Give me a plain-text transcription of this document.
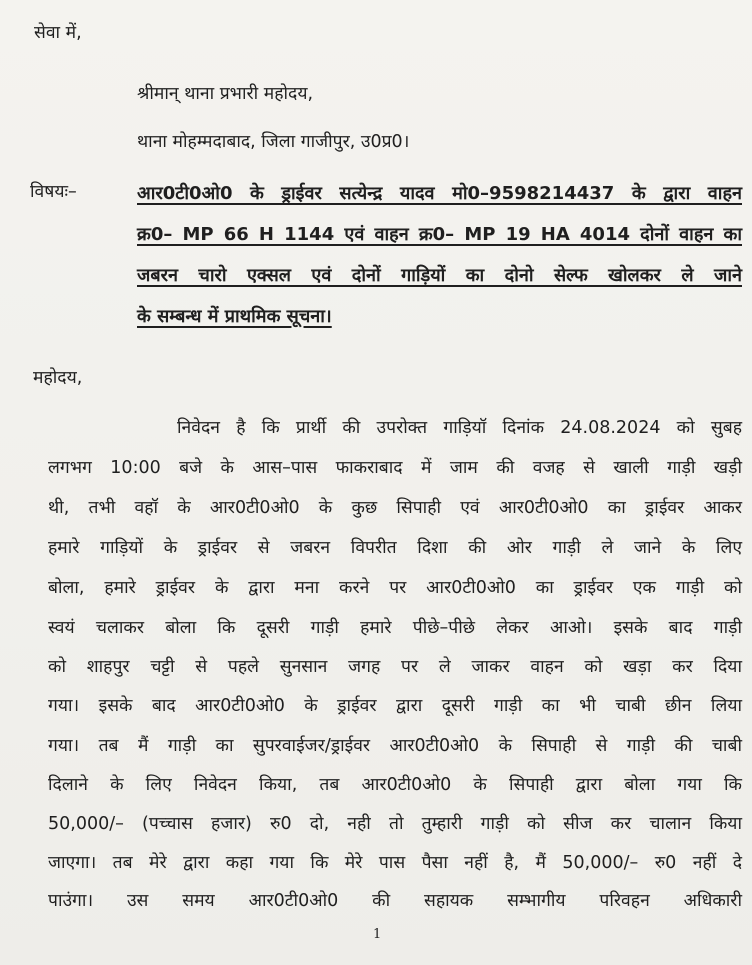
सेवा में,
श्रीमान् थाना प्रभारी महोदय,
थाना मोहम्मदाबाद, जिला गाजीपुर, उ0प्र0।
विषयः–	आर0टी0ओ0 के ड्राईवर सत्येन्द्र यादव मो0–9598214437 के द्वारा वाहन
क्र0– MP 66 H 1144 एवं वाहन क्र0– MP 19 HA 4014 दोनों वाहन का
जबरन चारो एक्सल एवं दोनों गाड़ियों का दोनो सेल्फ खोलकर ले जाने
के सम्बन्ध में प्राथमिक सूचना।
महोदय,
निवेदन है कि प्रार्थी की उपरोक्त गाड़ियॉ दिनांक 24.08.2024 को सुबह
लगभग 10:00 बजे के आस–पास फाकराबाद में जाम की वजह से खाली गाड़ी खड़ी
थी, तभी वहॉ के आर0टी0ओ0 के कुछ सिपाही एवं आर0टी0ओ0 का ड्राईवर आकर
हमारे गाड़ियों के ड्राईवर से जबरन विपरीत दिशा की ओर गाड़ी ले जाने के लिए
बोला, हमारे ड्राईवर के द्वारा मना करने पर आर0टी0ओ0 का ड्राईवर एक गाड़ी को
स्वयं चलाकर बोला कि दूसरी गाड़ी हमारे पीछे–पीछे लेकर आओ। इसके बाद गाड़ी
को शाहपुर चट्टी से पहले सुनसान जगह पर ले जाकर वाहन को खड़ा कर दिया
गया। इसके बाद आर0टी0ओ0 के ड्राईवर द्वारा दूसरी गाड़ी का भी चाबी छीन लिया
गया। तब मैं गाड़ी का सुपरवाईजर/ड्राईवर आर0टी0ओ0 के सिपाही से गाड़ी की चाबी
दिलाने के लिए निवेदन किया, तब आर0टी0ओ0 के सिपाही द्वारा बोला गया कि
50,000/– (पच्चास हजार) रु0 दो, नही तो तुम्हारी गाड़ी को सीज कर चालान किया
जाएगा। तब मेरे द्वारा कहा गया कि मेरे पास पैसा नहीं है, मैं 50,000/– रु0 नहीं दे
पाउंगा। उस समय आर0टी0ओ0 की सहायक सम्भागीय परिवहन अधिकारी
1
